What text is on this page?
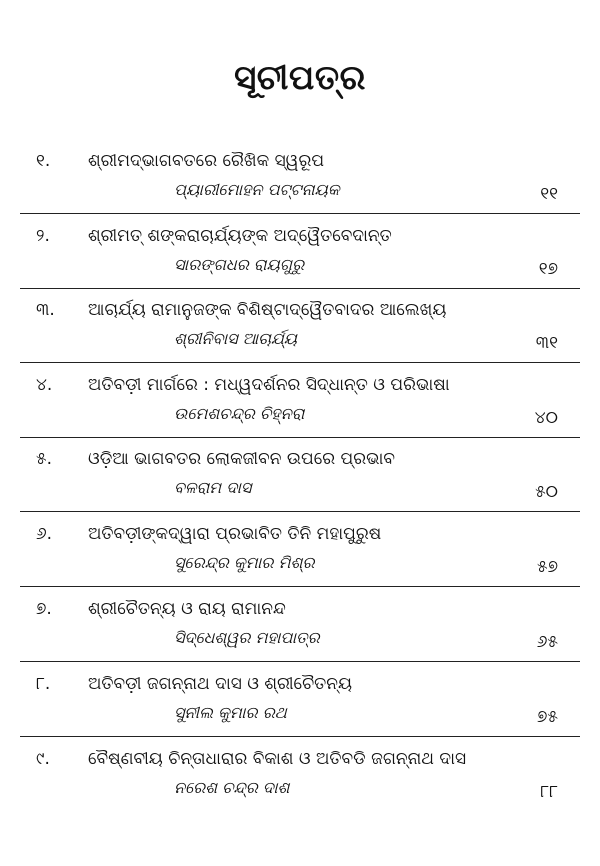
ସୂଚୀପତ୍ର
୧. ଶ୍ରୀମଦ୍ଭାଗବତରେ ରୈଖିକ ସ୍ୱରୂପ
ପ୍ୟାରୀମୋହନ ପଟ୍ଟନାୟକ	୧୧
୨. ଶ୍ରୀମତ୍ ଶଙ୍କରାଚାର୍ଯ୍ୟଙ୍କ ଅଦ୍ୱୈତବେଦାନ୍ତ
ସାରଙ୍ଗଧର ରାୟଗୁରୁ	୧୭
୩. ଆଚାର୍ଯ୍ୟ ରାମାନୁଜଙ୍କ ବିଶିଷ୍ଟାଦ୍ୱୈତବାଦର ଆଲେଖ୍ୟ
ଶ୍ରୀନିବାସ ଆଚାର୍ଯ୍ୟ	୩୧
୪. ଅତିବଡ଼ୀ ମାର୍ଗରେ : ମଧ୍ୱଦର୍ଶନର ସିଦ୍ଧାନ୍ତ ଓ ପରିଭାଷା
ଉମେଶଚନ୍ଦ୍ର ଚିହ୍ନରା	୪୦
୫. ଓଡ଼ିଆ ଭାଗବତର ଲୋକଜୀବନ ଉପରେ ପ୍ରଭାବ
ବଳରାମ ଦାସ	୫୦
୬. ଅତିବଡ଼ୀଙ୍କଦ୍ୱାରା ପ୍ରଭାବିତ ତିନି ମହାପୁରୁଷ
ସୁରେନ୍ଦ୍ର କୁମାର ମିଶ୍ର	୫୭
୭. ଶ୍ରୀଚୈତନ୍ୟ ଓ ରାୟ ରାମାନନ୍ଦ
ସିଦ୍ଧେଶ୍ୱର ମହାପାତ୍ର	୬୫
୮. ଅତିବଡ଼ୀ ଜଗନ୍ନାଥ ଦାସ ଓ ଶ୍ରୀଚୈତନ୍ୟ
ସୁନୀଲ କୁମାର ରଥ	୭୫
୯. ବୈଷ୍ଣବୀୟ ଚିନ୍ତାଧାରାର ବିକାଶ ଓ ଅତିବଡି ଜଗନ୍ନାଥ ଦାସ
ନରେଶ ଚନ୍ଦ୍ର ଦାଶ	୮୮
